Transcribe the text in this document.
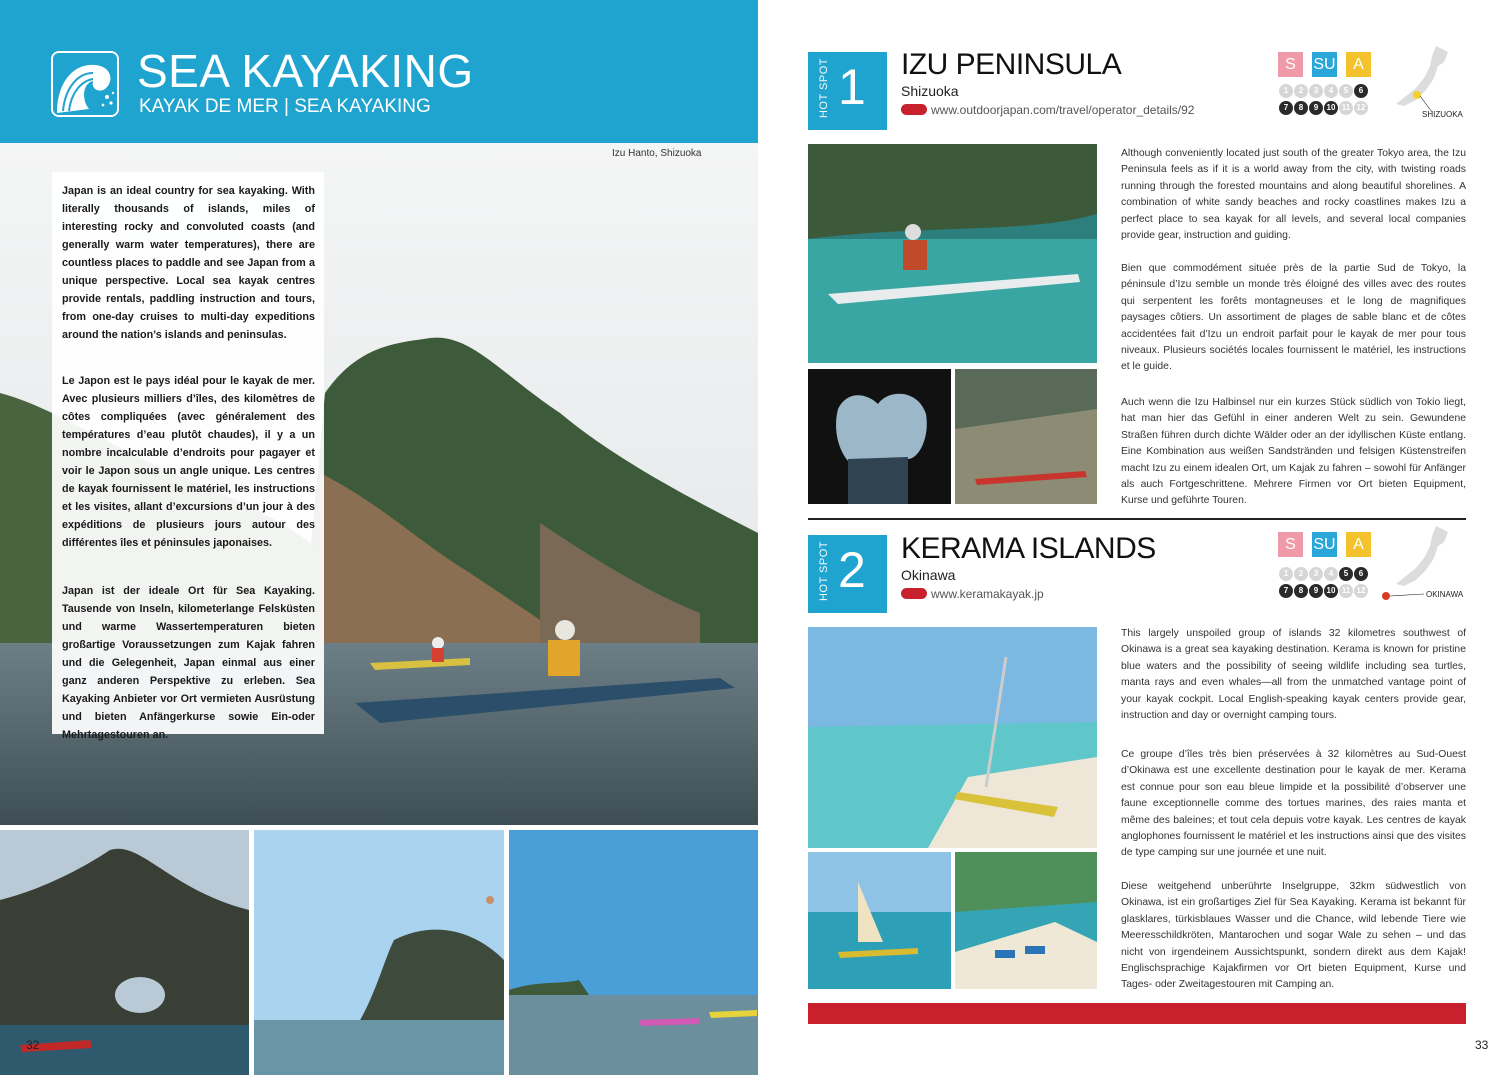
SEA KAYAKING
KAYAK DE MER | SEA KAYAKING
Izu Hanto, Shizuoka

Japan is an ideal country for sea kayaking. With literally thousands of islands, miles of interesting rocky and convoluted coasts (and generally warm water temperatures), there are countless places to paddle and see Japan from a unique perspective. Local sea kayak centres provide rentals, paddling instruction and tours, from one-day cruises to multi-day expeditions around the nation’s islands and peninsulas.

Le Japon est le pays idéal pour le kayak de mer. Avec plusieurs milliers d’îles, des kilomètres de côtes compliquées (avec généralement des températures d’eau plutôt chaudes), il y a un nombre incalculable d’endroits pour pagayer et voir le Japon sous un angle unique. Les centres de kayak fournissent le matériel, les instructions et les visites, allant d’excursions d’un jour à des expéditions de plusieurs jours autour des différentes îles et péninsules japonaises.

Japan ist der ideale Ort für Sea Kayaking. Tausende von Inseln, kilometerlange Felsküsten und warme Wassertemperaturen bieten großartige Voraussetzungen zum Kajak fahren und die Gelegenheit, Japan einmal aus einer ganz anderen Perspektive zu erleben. Sea Kayaking Anbieter vor Ort vermieten Ausrüstung und bieten Anfängerkurse sowie Ein-oder Mehrtagestouren an.

32
HOT SPOT 1 IZU PENINSULA
Shizuoka
www.outdoorjapan.com/travel/operator_details/92
S	SU	A
1	2	3	4	5	6
7	8	9	10 11 12
SHIZUOKA
Although conveniently located just south of the greater Tokyo area, the Izu Peninsula feels as if it is a world away from the city, with twisting roads running through the forested mountains and along beautiful shorelines. A combination of white sandy beaches and rocky coastlines makes Izu a perfect place to sea kayak for all levels, and several local companies provide gear, instruction and guiding.
Bien que commodément située près de la partie Sud de Tokyo, la péninsule d’Izu semble un monde très éloigné des villes avec des routes qui serpentent les forêts montagneuses et le long de magnifiques paysages côtiers. Un assortiment de plages de sable blanc et de côtes accidentées fait d’Izu un endroit parfait pour le kayak de mer pour tous niveaux. Plusieurs sociétés locales fournissent le matériel, les instructions et le guide.
Auch wenn die Izu Halbinsel nur ein kurzes Stück südlich von Tokio liegt, hat man hier das Gefühl in einer anderen Welt zu sein. Gewundene Straßen führen durch dichte Wälder oder an der idyllischen Küste entlang. Eine Kombination aus weißen Sandstränden und felsigen Küstenstreifen macht Izu zu einem idealen Ort, um Kajak zu fahren – sowohl für Anfänger als auch Fortgeschrittene. Mehrere Firmen vor Ort bieten Equipment, Kurse und geführte Touren.
HOT SPOT 2 KERAMA ISLANDS
Okinawa
www.keramakayak.jp
S	SU	A
1	2	3	4	5	6
7	8	9	10 11 12	OKINAWA
This largely unspoiled group of islands 32 kilometres southwest of Okinawa is a great sea kayaking destination. Kerama is known for pristine blue waters and the possibility of seeing wildlife including sea turtles, manta rays and even whales—all from the unmatched vantage point of your kayak cockpit. Local English-speaking kayak centers provide gear, instruction and day or overnight camping tours.
Ce groupe d’îles très bien préservées à 32 kilomètres au Sud-Ouest d’Okinawa est une excellente destination pour le kayak de mer. Kerama est connue pour son eau bleue limpide et la possibilité d’observer une faune exceptionnelle comme des tortues marines, des raies manta et même des baleines; et tout cela depuis votre kayak. Les centres de kayak anglophones fournissent le matériel et les instructions ainsi que des visites de type camping sur une journée et une nuit.
Diese weitgehend unberührte Inselgruppe, 32km südwestlich von Okinawa, ist ein großartiges Ziel für Sea Kayaking. Kerama ist bekannt für glasklares, türkisblaues Wasser und die Chance, wild lebende Tiere wie Meeresschildkröten, Mantarochen und sogar Wale zu sehen – und das nicht von irgendeinem Aussichtspunkt, sondern direkt aus dem Kajak! Englischsprachige Kajakfirmen vor Ort bieten Equipment, Kurse und Tages- oder Zweitagestouren mit Camping an.
33
